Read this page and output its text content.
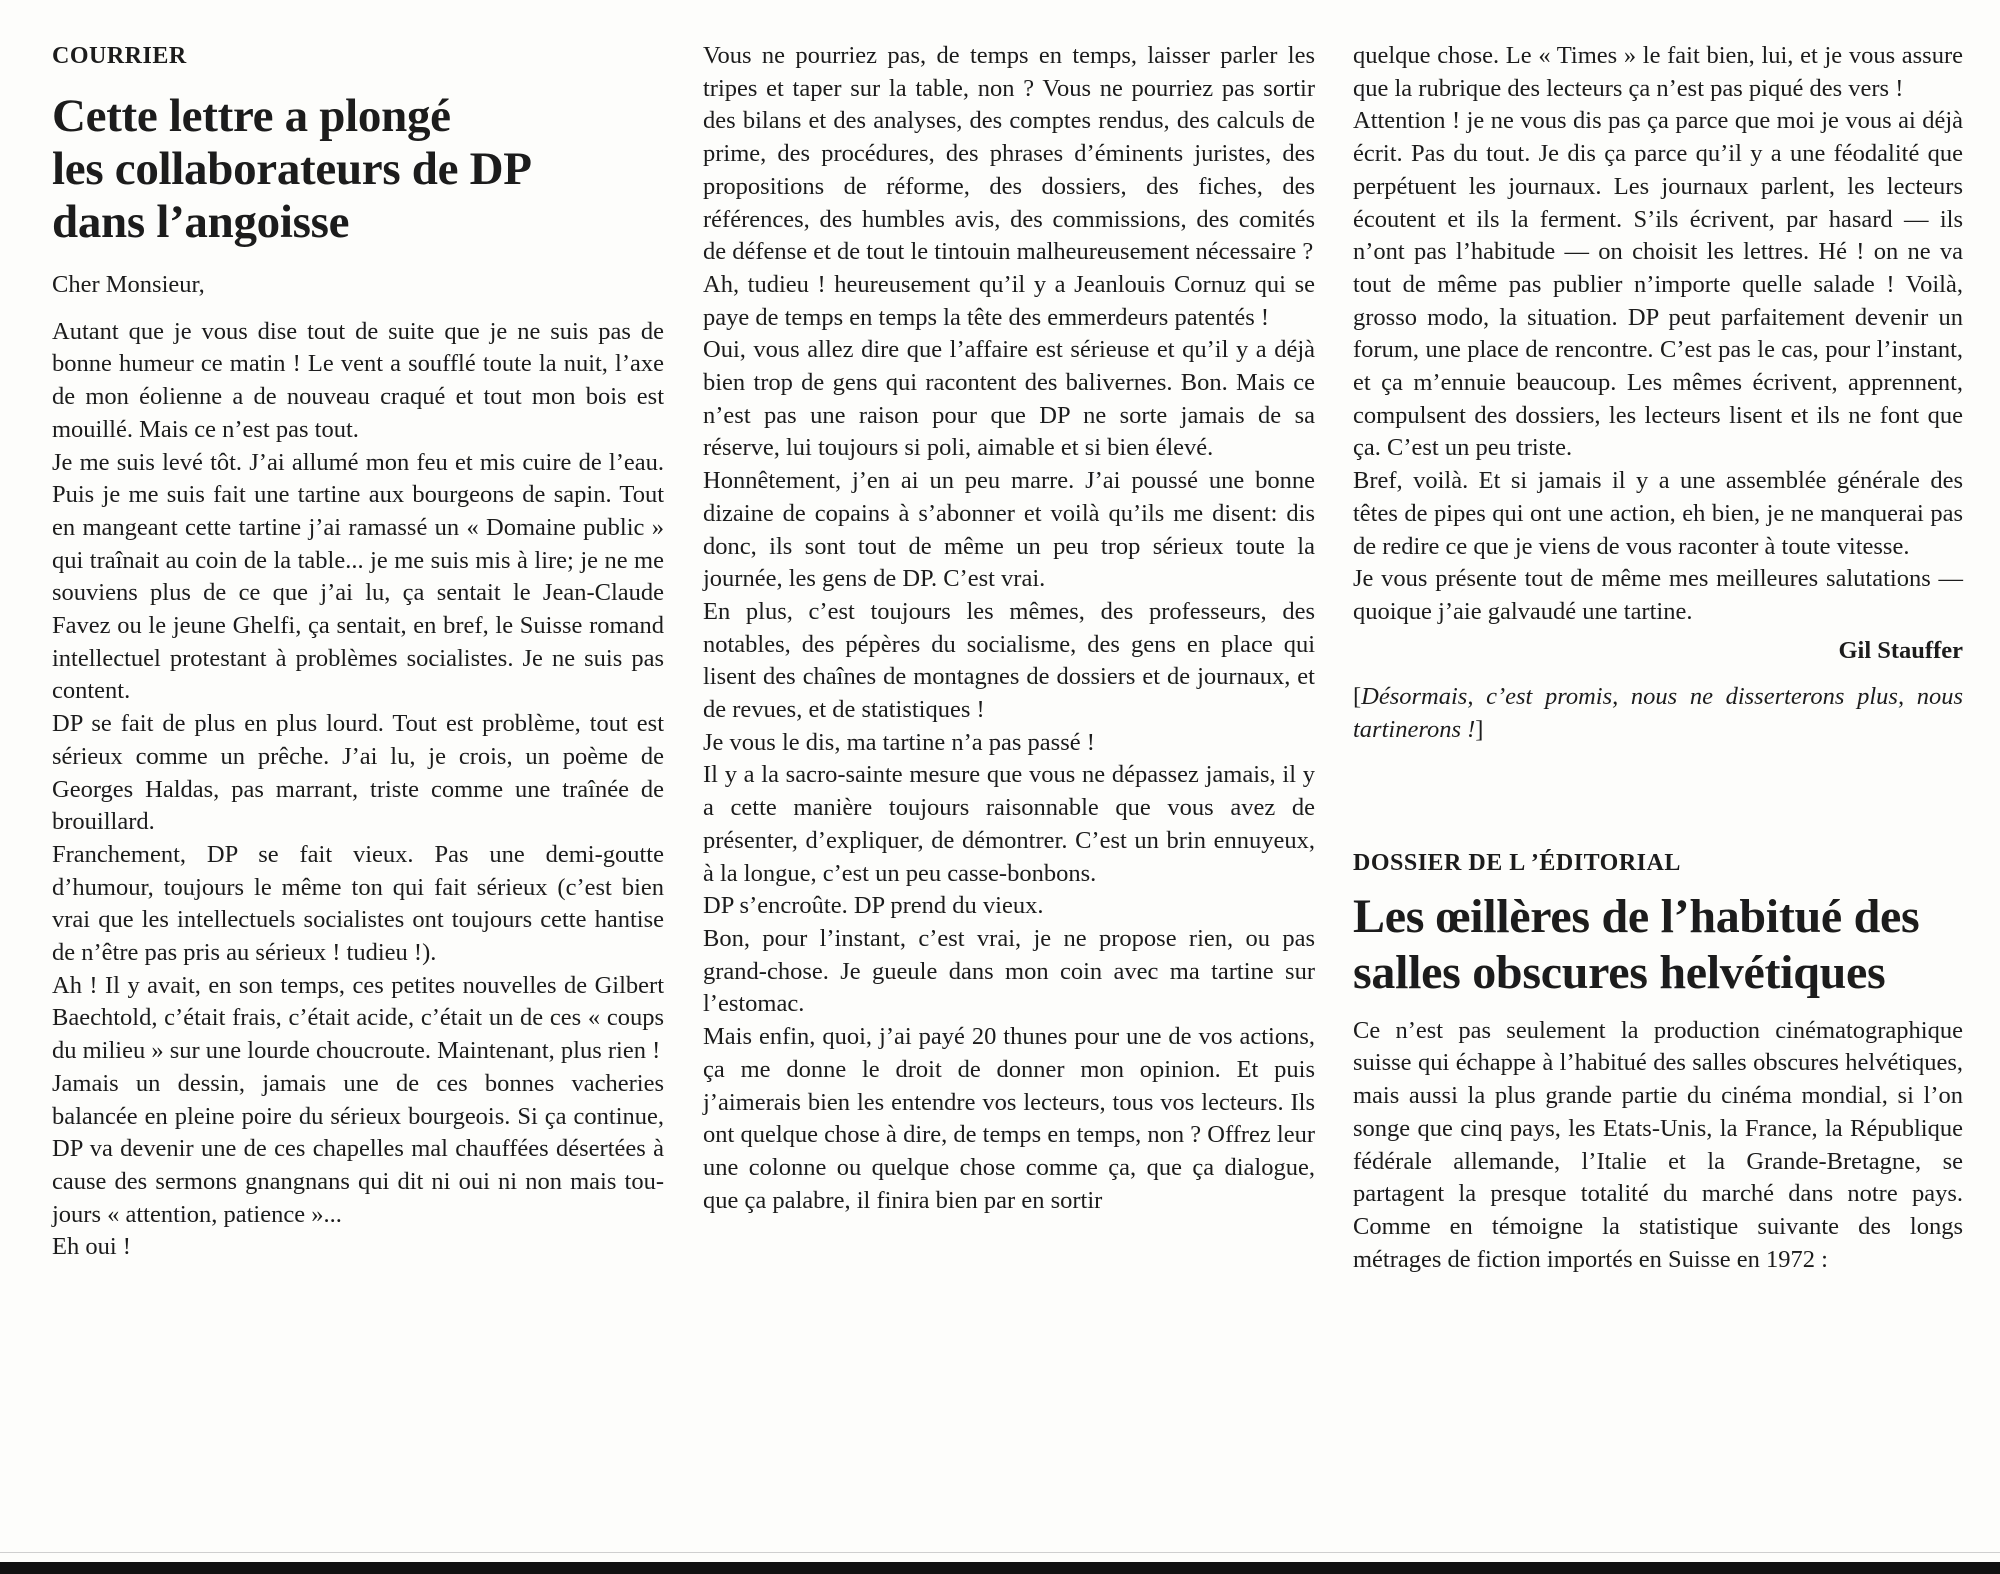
COURRIER
Cette lettre a plongé
les collaborateurs de DP
dans l’angoisse

Cher Monsieur,

Autant que je vous dise tout de suite que je ne suis pas de bonne humeur ce matin ! Le vent a soufflé toute la nuit, l’axe de mon éolienne a de nouveau craqué et tout mon bois est mouillé. Mais ce n’est pas tout.

Je me suis levé tôt. J’ai allumé mon feu et mis cuire de l’eau. Puis je me suis fait une tartine aux bourgeons de sapin. Tout en mangeant cette tartine j’ai ramassé un « Domaine public » qui traînait au coin de la table... je me suis mis à lire; je ne me souviens plus de ce que j’ai lu, ça sentait le Jean-Claude Favez ou le jeune Ghelfi, ça sentait, en bref, le Suisse romand intellectuel protestant à problèmes socialistes. Je ne suis pas content.

DP se fait de plus en plus lourd. Tout est problème, tout est sérieux comme un prêche. J’ai lu, je crois, un poème de Georges Haldas, pas marrant, triste comme une traînée de brouillard.

Franchement, DP se fait vieux. Pas une demi-goutte d’humour, toujours le même ton qui fait sérieux (c’est bien vrai que les intellectuels socialistes ont toujours cette hantise de n’être pas pris au sérieux ! tudieu !).

Ah ! Il y avait, en son temps, ces petites nouvelles de Gilbert Baechtold, c’était frais, c’était acide, c’était un de ces « coups du milieu » sur une lourde choucroute. Maintenant, plus rien !

Jamais un dessin, jamais une de ces bonnes vacheries balancée en pleine poire du sérieux bourgeois. Si ça continue, DP va devenir une de ces chapelles mal chauffées désertées à cause des sermons gnangnans qui dit ni oui ni non mais toujours « attention, patience »...

Eh oui !

Vous ne pourriez pas, de temps en temps, laisser parler les tripes et taper sur la table, non ? Vous ne pourriez pas sortir des bilans et des analyses, des comptes rendus, des calculs de prime, des procédures, des phrases d’éminents juristes, des propositions de réforme, des dossiers, des fiches, des références, des humbles avis, des commissions, des comités de défense et de tout le tintouin malheureusement nécessaire ?

Ah, tudieu ! heureusement qu’il y a Jeanlouis Cornuz qui se paye de temps en temps la tête des emmerdeurs patentés !

Oui, vous allez dire que l’affaire est sérieuse et qu’il y a déjà bien trop de gens qui racontent des balivernes. Bon. Mais ce n’est pas une raison pour que DP ne sorte jamais de sa réserve, lui toujours si poli, aimable et si bien élevé.

Honnêtement, j’en ai un peu marre. J’ai poussé une bonne dizaine de copains à s’abonner et voilà qu’ils me disent: dis donc, ils sont tout de même un peu trop sérieux toute la journée, les gens de DP. C’est vrai.

En plus, c’est toujours les mêmes, des professeurs, des notables, des pépères du socialisme, des gens en place qui lisent des chaînes de montagnes de dossiers et de journaux, et de revues, et de statistiques !

Je vous le dis, ma tartine n’a pas passé !

Il y a la sacro-sainte mesure que vous ne dépassez jamais, il y a cette manière toujours raisonnable que vous avez de présenter, d’expliquer, de démontrer. C’est un brin ennuyeux, à la longue, c’est un peu casse-bonbons.

DP s’encroûte. DP prend du vieux.

Bon, pour l’instant, c’est vrai, je ne propose rien, ou pas grand-chose. Je gueule dans mon coin avec ma tartine sur l’estomac.

Mais enfin, quoi, j’ai payé 20 thunes pour une de vos actions, ça me donne le droit de donner mon opinion. Et puis j’aimerais bien les entendre vos lecteurs, tous vos lecteurs. Ils ont quelque chose à dire, de temps en temps, non ? Offrez leur une colonne ou quelque chose comme ça, que ça dialogue, que ça palabre, il finira bien par en sortir

quelque chose. Le « Times » le fait bien, lui, et je vous assure que la rubrique des lecteurs ça n’est pas piqué des vers !

Attention ! je ne vous dis pas ça parce que moi je vous ai déjà écrit. Pas du tout. Je dis ça parce qu’il y a une féodalité que perpétuent les journaux. Les journaux parlent, les lecteurs écoutent et ils la ferment. S’ils écrivent, par hasard — ils n’ont pas l’habitude — on choisit les lettres. Hé ! on ne va tout de même pas publier n’importe quelle salade ! Voilà, grosso modo, la situation. DP peut parfaitement devenir un forum, une place de rencontre. C’est pas le cas, pour l’instant, et ça m’ennuie beaucoup. Les mêmes écrivent, apprennent, compulsent des dossiers, les lecteurs lisent et ils ne font que ça. C’est un peu triste.

Bref, voilà. Et si jamais il y a une assemblée générale des têtes de pipes qui ont une action, eh bien, je ne manquerai pas de redire ce que je viens de vous raconter à toute vitesse.

Je vous présente tout de même mes meilleures salutations — quoique j’aie galvaudé une tartine.

Gil Stauffer

[Désormais, c’est promis, nous ne disserterons plus, nous tartinerons !]

DOSSIER DE L ’ÉDITORIAL
Les œillères de l’habitué des
salles obscures helvétiques

Ce n’est pas seulement la production cinématographique suisse qui échappe à l’habitué des salles obscures helvétiques, mais aussi la plus grande partie du cinéma mondial, si l’on songe que cinq pays, les Etats-Unis, la France, la République fédérale allemande, l’Italie et la Grande-Bretagne, se partagent la presque totalité du marché dans notre pays. Comme en témoigne la statistique suivante des longs métrages de fiction importés en Suisse en 1972 :
